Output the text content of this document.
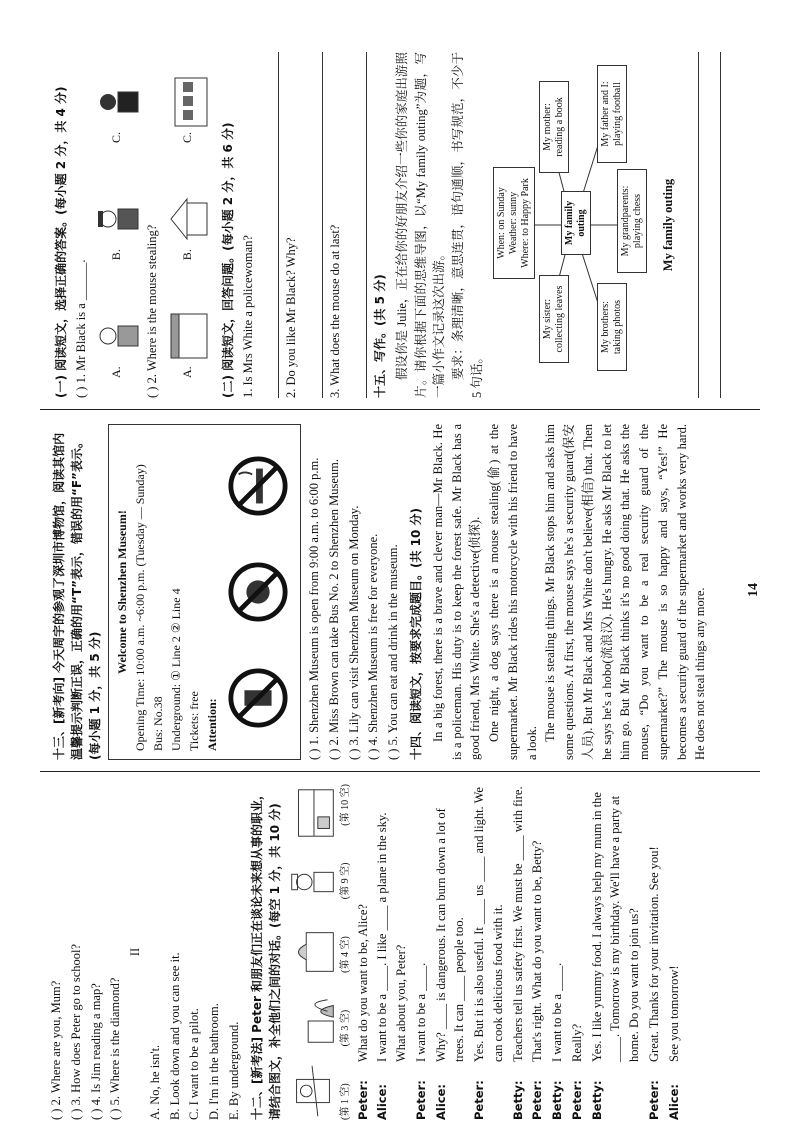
( ) 2. Where are you, Mum? ( ) 3. How does Peter go to school? ( ) 4. Is Jim reading a map? ( ) 5. Where is the diamond?

II

A. No, he isn't. B. Look down and you can see it. C. I want to be a pilot. D. I'm in the bathroom. E. By underground. 十二、[新考法] Peter 和朋友们正在谈论未来想从事的职业，请结合图文，补全他们之间的对话。(每空 1 分，共 10 分)	(第 1 空)
(第 3 空)
(第 4 空)
(第 9 空)
(第 10 空)

Peter:What do you want to be, Alice?

Alice:I want to be a ____. I like ____ a plane in the sky. What about you, Peter?

Peter:I want to be a ____.

Alice:Why? ____ is dangerous. It can burn down a lot of trees. It can ____ people too.

Peter:Yes. But it is also useful. It ____ us ____ and light. We can cook delicious food with it.

Betty:Teachers tell us safety first. We must be ____ with fire.

Peter:That's right. What do you want to be, Betty?

Betty:I want to be a ____.

Peter:Really?

Betty:Yes. I like yummy food. I always help my mum in the ____. Tomorrow is my birthday. We'll have a party at home. Do you want to join us?

Peter:Great. Thanks for your invitation. See you!

Alice:See you tomorrow!

十三、[新考向] 今天周宇的参观了深圳市博物馆，阅读其馆内温馨提示判断正误，正确的用“T”表示，错误的用“F”表示。(每小题 1 分，共 5 分)

Welcome to Shenzhen Museum! Opening Time: 10:00 a.m. ~6:00 p.m. (Tuesday — Sunday) Bus: No.38 Underground: ① Line 2 ② Line 4 Tickets: free Attention:	( ) 1. Shenzhen Museum is open from 9:00 a.m. to 6:00 p.m. ( ) 2. Miss Brown can take Bus No. 2 to Shenzhen Museum. ( ) 3. Lily can visit Shenzhen Museum on Monday. ( ) 4. Shenzhen Museum is free for everyone. ( ) 5. You can eat and drink in the museum. 十四、阅读短文，按要求完成题目。(共 10 分) In a big forest, there is a brave and clever man—Mr Black. He is a policeman. His duty is to keep the forest safe. Mr Black has a good friend, Mrs White. She's a detective(侦探). One night, a dog says there is a mouse stealing(偷) at the supermarket. Mr Black rides his motorcycle with his friend to have a look.

The mouse is stealing things. Mr Black stops him and asks him some questions. At first, the mouse says he's a security guard(保安人员). But Mr Black and Mrs White don't believe(相信) that. Then he says he's a hobo(流浪汉). He's hungry. He asks Mr Black to let him go. But Mr Black thinks it's no good doing that. He asks the mouse, “Do you want to be a real security guard of the supermarket?” The mouse is so happy and says, “Yes!” He becomes a security guard of the supermarket and works very hard. He does not steal things any more.

(一) 阅读短文，选择正确的答案。(每小题 2 分，共 4 分) ( ) 1. Mr Black is a ______.	A.
B.
C.

( ) 2. Where is the mouse stealing?	A.
B.
C.	(二) 阅读短文，回答问题。(每小题 2 分，共 6 分) 1. Is Mrs White a policewoman? 2. Do you like Mr Black? Why? 3. What does the mouse do at last?	十五、写作。(共 5 分) 假设你是 Julie，正在给你的好朋友介绍一些你的家庭出游照片。请你根据下面的思维导图，以“My family outing”为题，写一篇小作文记录这次出游。 要求：条理清晰，意思连贯，语句通顺，书写规范，不少于 5 句话。

When: on Sunday
Weather: sunny
Where: to Happy Park
My sister:
collecting leaves
My mother:
reading a book
My family outing
My brothers:
taking photos
My grandparents:
playing chess
My father and I:
playing football

My family outing

14
